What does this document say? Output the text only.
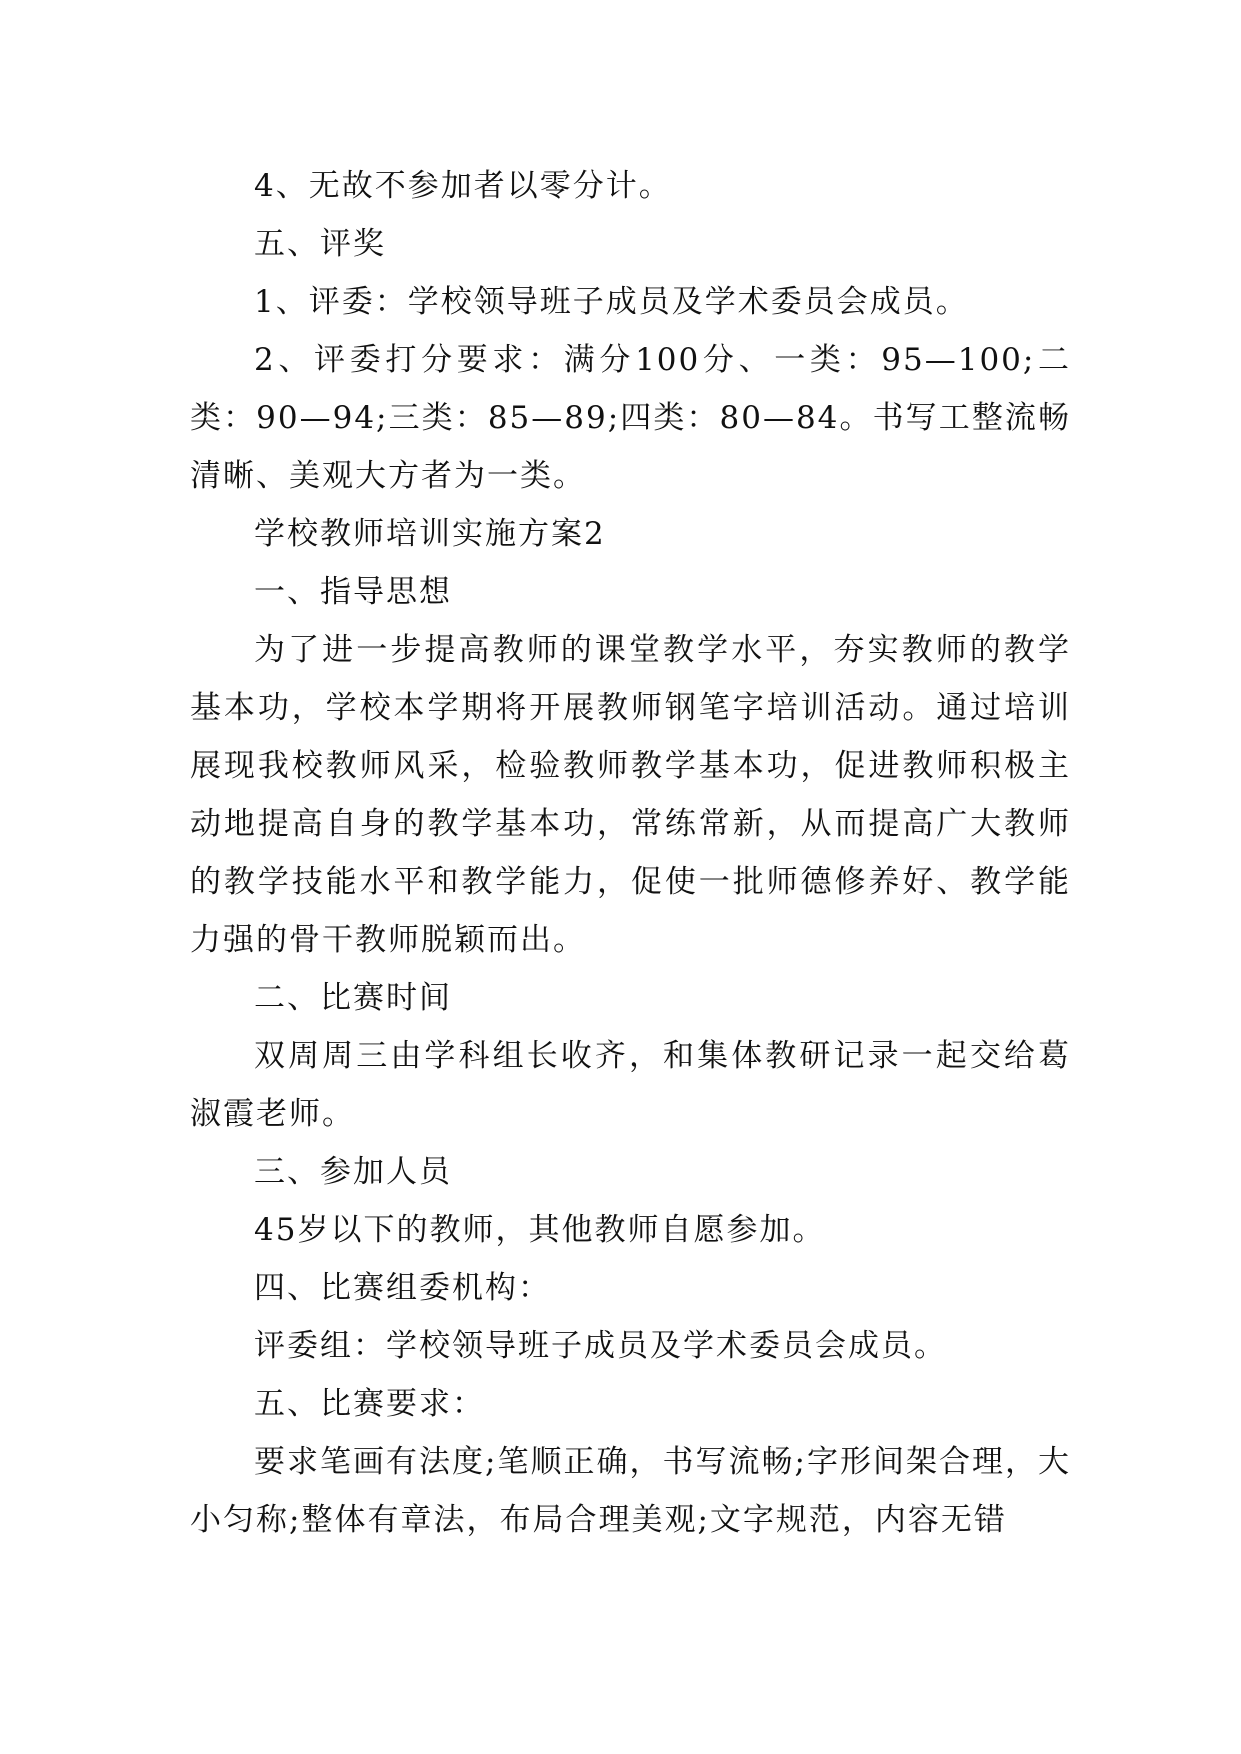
4、无故不参加者以零分计。

五、评奖

1、评委：学校领导班子成员及学术委员会成员。

2、评委打分要求：满分100分、一类：95—100;二类：90—94;三类：85—89;四类：80—84。书写工整流畅清晰、美观大方者为一类。

学校教师培训实施方案2

一、指导思想

为了进一步提高教师的课堂教学水平，夯实教师的教学基本功，学校本学期将开展教师钢笔字培训活动。通过培训展现我校教师风采，检验教师教学基本功，促进教师积极主动地提高自身的教学基本功，常练常新，从而提高广大教师的教学技能水平和教学能力，促使一批师德修养好、教学能力强的骨干教师脱颖而出。

二、比赛时间

双周周三由学科组长收齐，和集体教研记录一起交给葛淑霞老师。

三、参加人员

45岁以下的教师，其他教师自愿参加。

四、比赛组委机构：

评委组：学校领导班子成员及学术委员会成员。

五、比赛要求：

要求笔画有法度;笔顺正确，书写流畅;字形间架合理，大小匀称;整体有章法，布局合理美观;文字规范，内容无错
